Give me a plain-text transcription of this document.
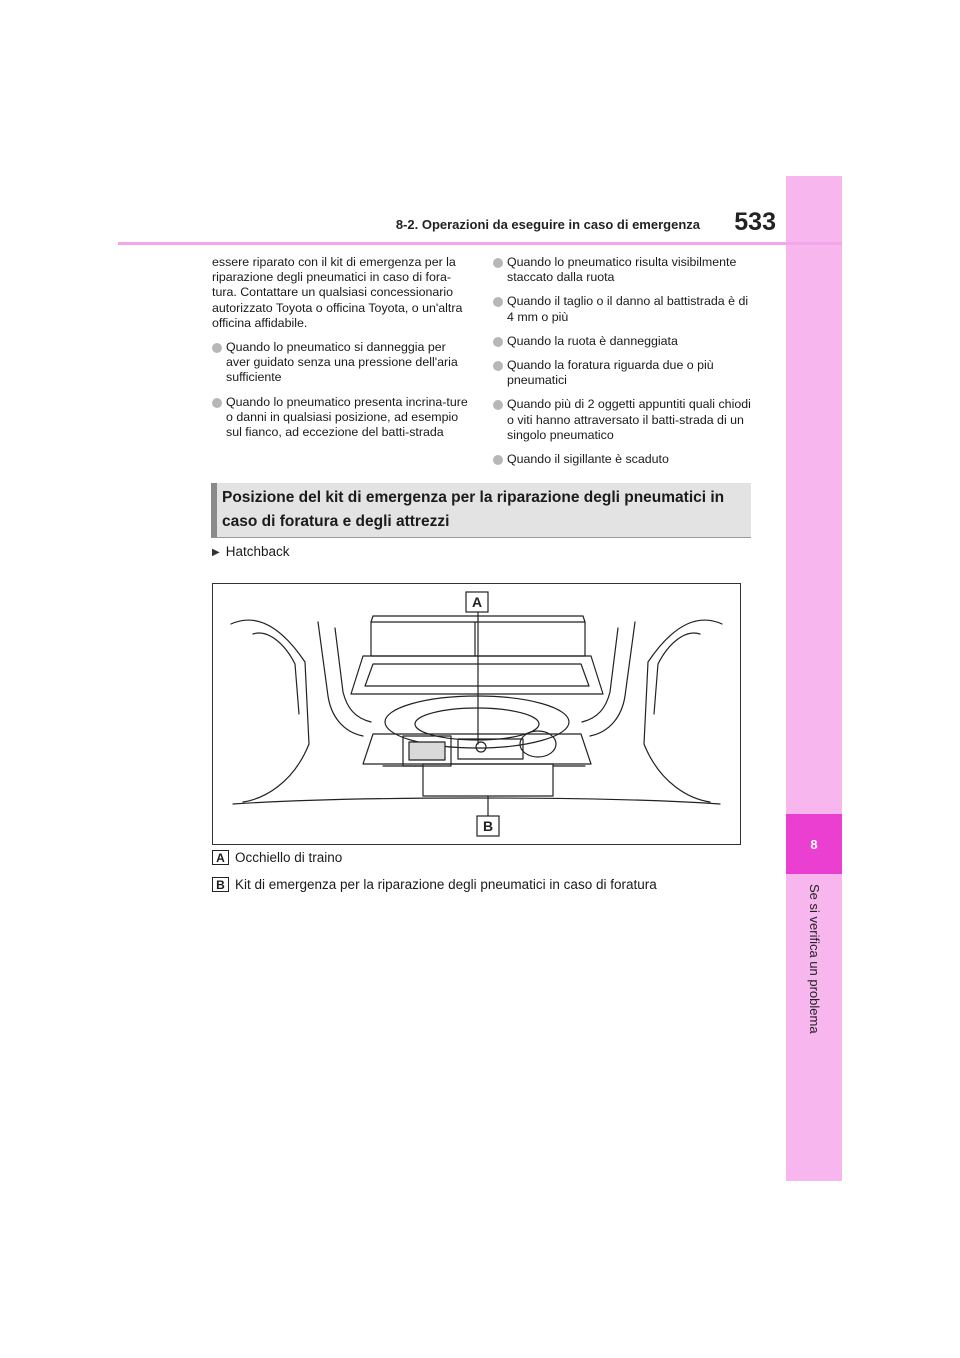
8
Se si verifica un problema
8-2. Operazioni da eseguire in caso di emergenza	533

essere riparato con il kit di emergenza per la riparazione degli pneumatici in caso di fora-tura. Contattare un qualsiasi concessionario autorizzato Toyota o officina Toyota, o un'altra officina affidabile.

Quando lo pneumatico si danneggia per aver guidato senza una pressione dell'aria sufficiente
Quando lo pneumatico presenta incrina-ture o danni in qualsiasi posizione, ad esempio sul fianco, ad eccezione del batti-strada
Quando lo pneumatico risulta visibilmente staccato dalla ruota
Quando il taglio o il danno al battistrada è di 4 mm o più
Quando la ruota è danneggiata
Quando la foratura riguarda due o più pneumatici
Quando più di 2 oggetti appuntiti quali chiodi o viti hanno attraversato il batti-strada di un singolo pneumatico
Quando il sigillante è scaduto
Posizione del kit di emergenza per la riparazione degli pneumatici in caso di foratura e degli attrezzi
▶ Hatchback
A
B
A Occhiello di traino
B Kit di emergenza per la riparazione degli pneumatici in caso di foratura
